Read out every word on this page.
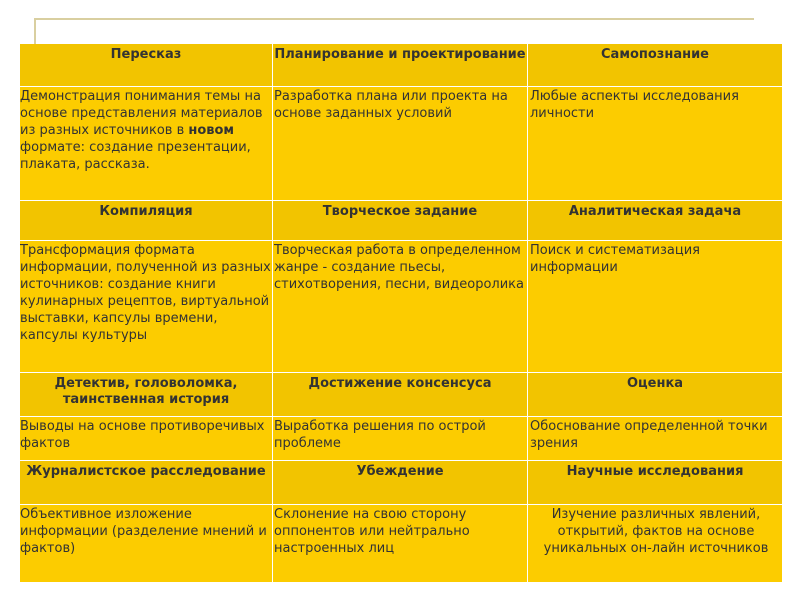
Пересказ	Планирование и проектирование	Самопознание
Демонстрация понимания темы на основе представления материалов из разных источников в новом формате: создание презентации, плаката, рассказа.	Разработка плана или проекта на основе заданных условий	Любые аспекты исследования личности
Компиляция	Творческое задание	Аналитическая задача
Трансформация формата информации, полученной из разных источников: создание книги кулинарных рецептов, виртуальной выставки, капсулы времени, капсулы культуры	Творческая работа в определенном жанре - создание пьесы, стихотворения, песни, видеоролика	Поиск и систематизация информации
Детектив, головоломка, таинственная история	Достижение консенсуса	Оценка
Выводы на основе противоречивых фактов	Выработка решения по острой проблеме	Обоснование определенной точки зрения
Журналистское расследование	Убеждение	Научные исследования
Объективное изложение информации (разделение мнений и фактов)	Склонение на свою сторону оппонентов или нейтрально настроенных лиц	Изучение различных явлений, открытий, фактов на основе уникальных он-лайн источников
